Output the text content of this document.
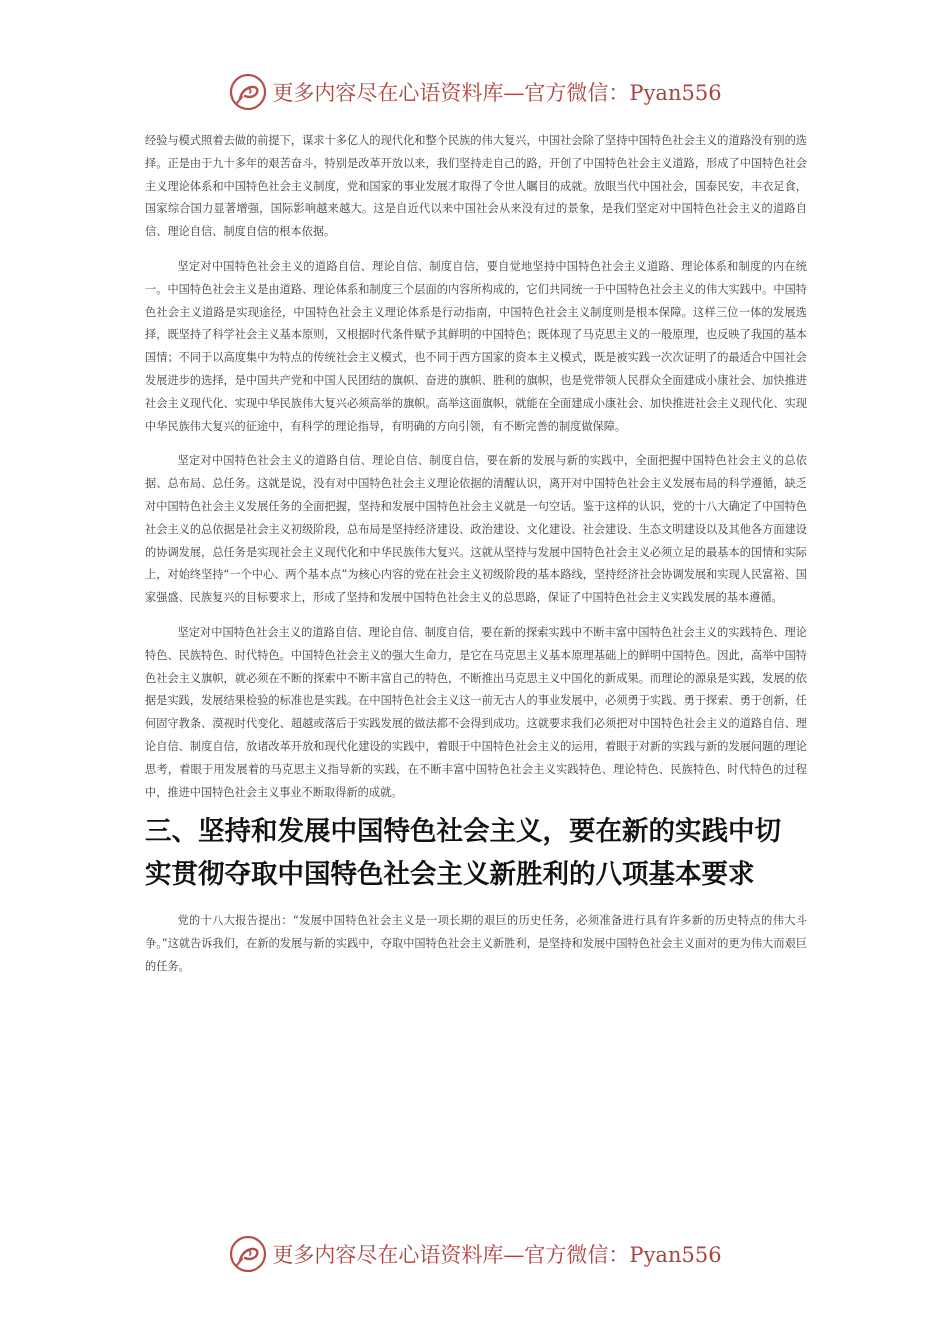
更多内容尽在心语资料库—官方微信：Pyan556

经验与模式照着去做的前提下，谋求十多亿人的现代化和整个民族的伟大复兴，中国社会除了坚持中国特色社会主义的道路没有别的选择。正是由于九十多年的艰苦奋斗，特别是改革开放以来，我们坚持走自己的路，开创了中国特色社会主义道路，形成了中国特色社会主义理论体系和中国特色社会主义制度，党和国家的事业发展才取得了令世人瞩目的成就。放眼当代中国社会，国泰民安，丰衣足食，国家综合国力显著增强，国际影响越来越大。这是自近代以来中国社会从来没有过的景象，是我们坚定对中国特色社会主义的道路自信、理论自信、制度自信的根本依据。

坚定对中国特色社会主义的道路自信、理论自信、制度自信，要自觉地坚持中国特色社会主义道路、理论体系和制度的内在统一。中国特色社会主义是由道路、理论体系和制度三个层面的内容所构成的，它们共同统一于中国特色社会主义的伟大实践中。中国特色社会主义道路是实现途径，中国特色社会主义理论体系是行动指南，中国特色社会主义制度则是根本保障。这样三位一体的发展选择，既坚持了科学社会主义基本原则，又根据时代条件赋予其鲜明的中国特色；既体现了马克思主义的一般原理，也反映了我国的基本国情；不同于以高度集中为特点的传统社会主义模式，也不同于西方国家的资本主义模式，既是被实践一次次证明了的最适合中国社会发展进步的选择，是中国共产党和中国人民团结的旗帜、奋进的旗帜、胜利的旗帜，也是党带领人民群众全面建成小康社会、加快推进社会主义现代化、实现中华民族伟大复兴必须高举的旗帜。高举这面旗帜，就能在全面建成小康社会、加快推进社会主义现代化、实现中华民族伟大复兴的征途中，有科学的理论指导，有明确的方向引领，有不断完善的制度做保障。

坚定对中国特色社会主义的道路自信、理论自信、制度自信，要在新的发展与新的实践中，全面把握中国特色社会主义的总依据、总布局、总任务。这就是说，没有对中国特色社会主义理论依据的清醒认识，离开对中国特色社会主义发展布局的科学遵循，缺乏对中国特色社会主义发展任务的全面把握，坚持和发展中国特色社会主义就是一句空话。鉴于这样的认识，党的十八大确定了中国特色社会主义的总依据是社会主义初级阶段，总布局是坚持经济建设、政治建设、文化建设、社会建设、生态文明建设以及其他各方面建设的协调发展，总任务是实现社会主义现代化和中华民族伟大复兴。这就从坚持与发展中国特色社会主义必须立足的最基本的国情和实际上，对始终坚持“一个中心、两个基本点”为核心内容的党在社会主义初级阶段的基本路线，坚持经济社会协调发展和实现人民富裕、国家强盛、民族复兴的目标要求上，形成了坚持和发展中国特色社会主义的总思路，保证了中国特色社会主义实践发展的基本遵循。

坚定对中国特色社会主义的道路自信、理论自信、制度自信，要在新的探索实践中不断丰富中国特色社会主义的实践特色、理论特色、民族特色、时代特色。中国特色社会主义的强大生命力，是它在马克思主义基本原理基础上的鲜明中国特色。因此，高举中国特色社会主义旗帜，就必须在不断的探索中不断丰富自己的特色，不断推出马克思主义中国化的新成果。而理论的源泉是实践，发展的依据是实践，发展结果检验的标准也是实践。在中国特色社会主义这一前无古人的事业发展中，必须勇于实践、勇于探索、勇于创新，任何固守教条、漠视时代变化、超越或落后于实践发展的做法都不会得到成功。这就要求我们必须把对中国特色社会主义的道路自信、理论自信、制度自信，放诸改革开放和现代化建设的实践中，着眼于中国特色社会主义的运用，着眼于对新的实践与新的发展问题的理论思考，着眼于用发展着的马克思主义指导新的实践，在不断丰富中国特色社会主义实践特色、理论特色、民族特色、时代特色的过程中，推进中国特色社会主义事业不断取得新的成就。

三、坚持和发展中国特色社会主义，要在新的实践中切实贯彻夺取中国特色社会主义新胜利的八项基本要求

党的十八大报告提出：“发展中国特色社会主义是一项长期的艰巨的历史任务，必须准备进行具有许多新的历史特点的伟大斗争。”这就告诉我们，在新的发展与新的实践中，夺取中国特色社会主义新胜利，是坚持和发展中国特色社会主义面对的更为伟大而艰巨的任务。

更多内容尽在心语资料库—官方微信：Pyan556
